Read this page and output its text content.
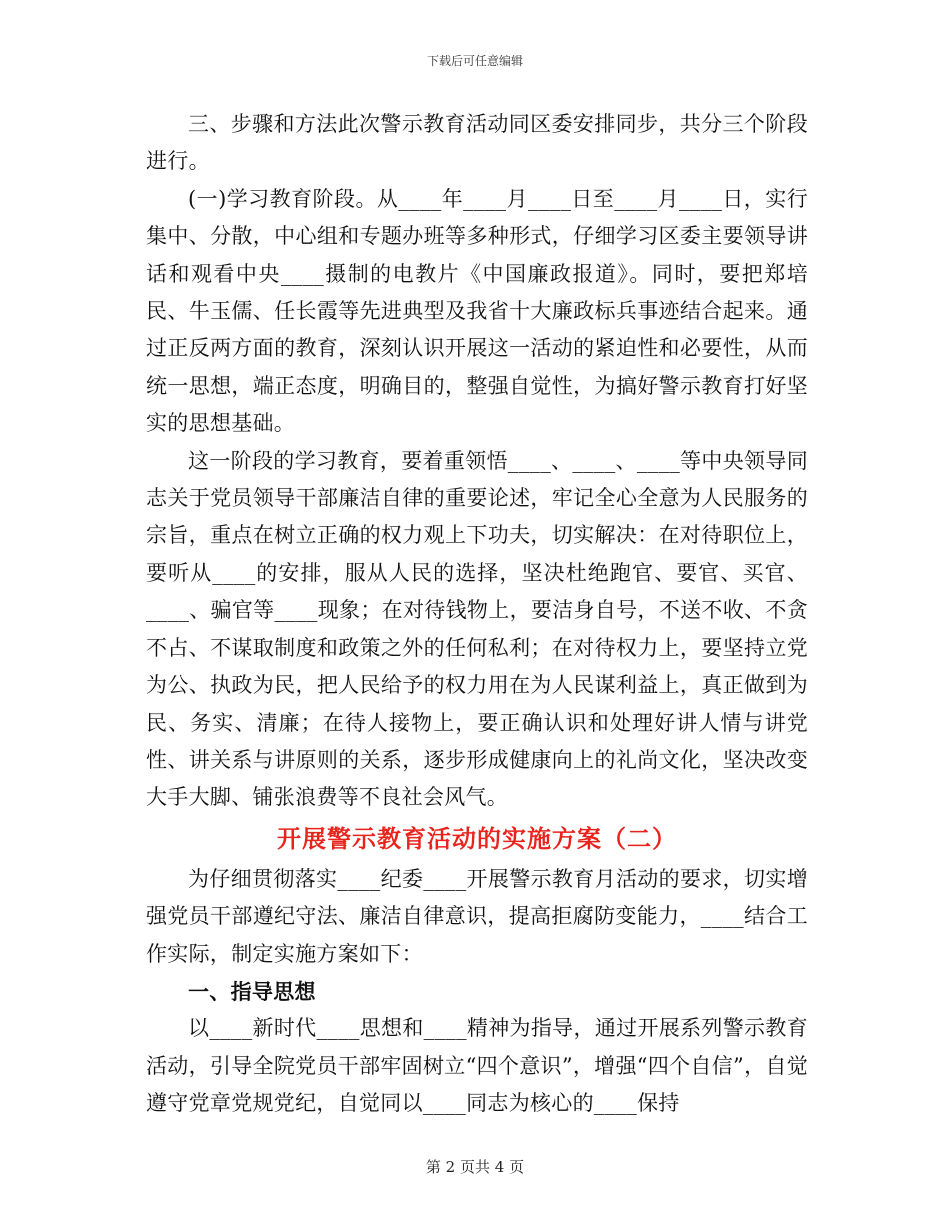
下载后可任意编辑

三、步骤和方法此次警示教育活动同区委安排同步，共分三个阶段进行。

(一)学习教育阶段。从____年____月____日至____月____日，实行集中、分散，中心组和专题办班等多种形式，仔细学习区委主要领导讲话和观看中央____摄制的电教片《中国廉政报道》。同时，要把郑培民、牛玉儒、任长霞等先进典型及我省十大廉政标兵事迹结合起来。通过正反两方面的教育，深刻认识开展这一活动的紧迫性和必要性，从而统一思想，端正态度，明确目的，整强自觉性，为搞好警示教育打好坚实的思想基础。

这一阶段的学习教育，要着重领悟____、____、____等中央领导同志关于党员领导干部廉洁自律的重要论述，牢记全心全意为人民服务的宗旨，重点在树立正确的权力观上下功夫，切实解决：在对待职位上，要听从____的安排，服从人民的选择，坚决杜绝跑官、要官、买官、____、骗官等____现象；在对待钱物上，要洁身自号，不送不收、不贪不占、不谋取制度和政策之外的任何私利；在对待权力上，要坚持立党为公、执政为民，把人民给予的权力用在为人民谋利益上，真正做到为民、务实、清廉；在待人接物上，要正确认识和处理好讲人情与讲党性、讲关系与讲原则的关系，逐步形成健康向上的礼尚文化，坚决改变大手大脚、铺张浪费等不良社会风气。

开展警示教育活动的实施方案（二）

为仔细贯彻落实____纪委____开展警示教育月活动的要求，切实增强党员干部遵纪守法、廉洁自律意识，提高拒腐防变能力，____结合工作实际，制定实施方案如下：

一、指导思想

以____新时代____思想和____精神为指导，通过开展系列警示教育活动，引导全院党员干部牢固树立“四个意识”，增强“四个自信”，自觉遵守党章党规党纪，自觉同以____同志为核心的____保持

第 2 页共 4 页
